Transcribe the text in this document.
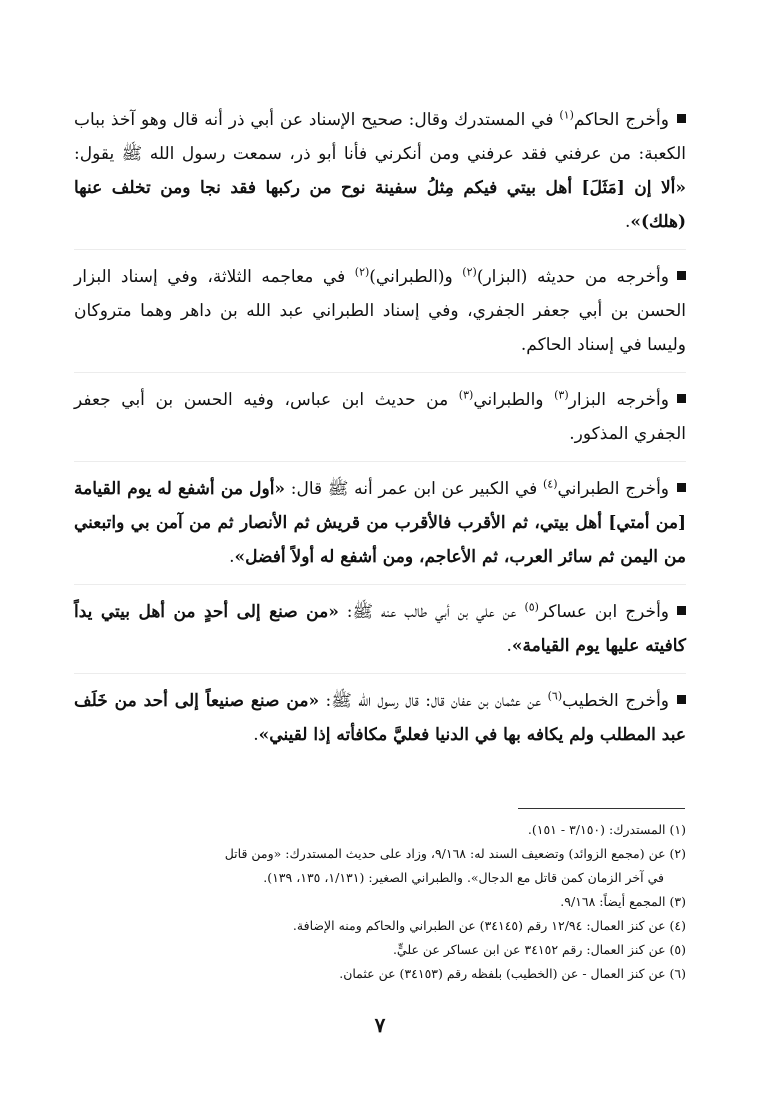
وأخرج الحاكم$^{(١)}$ في المستدرك وقال: صحيح الإسناد عن أبي ذر أنه قال وهو آخذ بباب الكعبة: من عرفني فقد عرفني ومن أنكرني فأنا أبو ذر، سمعت رسول الله ﷺ يقول: «ألا إن [مَثَلَ] أهل بيتي فيكم مِثلُ سفينة نوح من ركبها فقد نجا ومن تخلف عنها (هلك)».

وأخرجه من حديثه (البزار)$^{(٢)}$ و(الطبراني)$^{(٢)}$ في معاجمه الثلاثة، وفي إسناد البزار الحسن بن أبي جعفر الجفري، وفي إسناد الطبراني عبد الله بن داهر وهما متروكان وليسا في إسناد الحاكم.

وأخرجه البزار$^{(٣)}$ والطبراني$^{(٣)}$ من حديث ابن عباس، وفيه الحسن بن أبي جعفر الجفري المذكور.

وأخرج الطبراني$^{(٤)}$ في الكبير عن ابن عمر أنه ﷺ قال: «أول من أشفع له يوم القيامة [من أمتي] أهل بيتي، ثم الأقرب فالأقرب من قريش ثم الأنصار ثم من آمن بي واتبعني من اليمن ثم سائر العرب، ثم الأعاجم، ومن أشفع له أولاً أفضل».

وأخرج ابن عساكر$^{(٥)}$ عن علي بن أبي طالب عنه ﷺ: «من صنع إلى أحدٍ من أهل بيتي يداً كافيته عليها يوم القيامة».

وأخرج الخطيب$^{(٦)}$ عن عثمان بن عفان قال: قال رسول الله ﷺ: «من صنع صنيعاً إلى أحد من خَلَف عبد المطلب ولم يكافه بها في الدنيا فعليَّ مكافأته إذا لقيني».

(١) المستدرك: (٣/١٥٠ - ١٥١).

(٢) عن (مجمع الزوائد) وتضعيف السند له: ٩/١٦٨، وزاد على حديث المستدرك: «ومن قاتل

في آخر الزمان كمن قاتل مع الدجال». والطبراني الصغير: (١/١٣١، ١٣٥، ١٣٩).

(٣) المجمع أيضاً: ٩/١٦٨.

(٤) عن كنز العمال: ١٢/٩٤ رقم (٣٤١٤٥) عن الطبراني والحاكم ومنه الإضافة.

(٥) عن كنز العمال: رقم ٣٤١٥٢ عن ابن عساكر عن عليٍّ.

(٦) عن كنز العمال - عن (الخطيب) بلفظه رقم (٣٤١٥٣) عن عثمان.

٧
